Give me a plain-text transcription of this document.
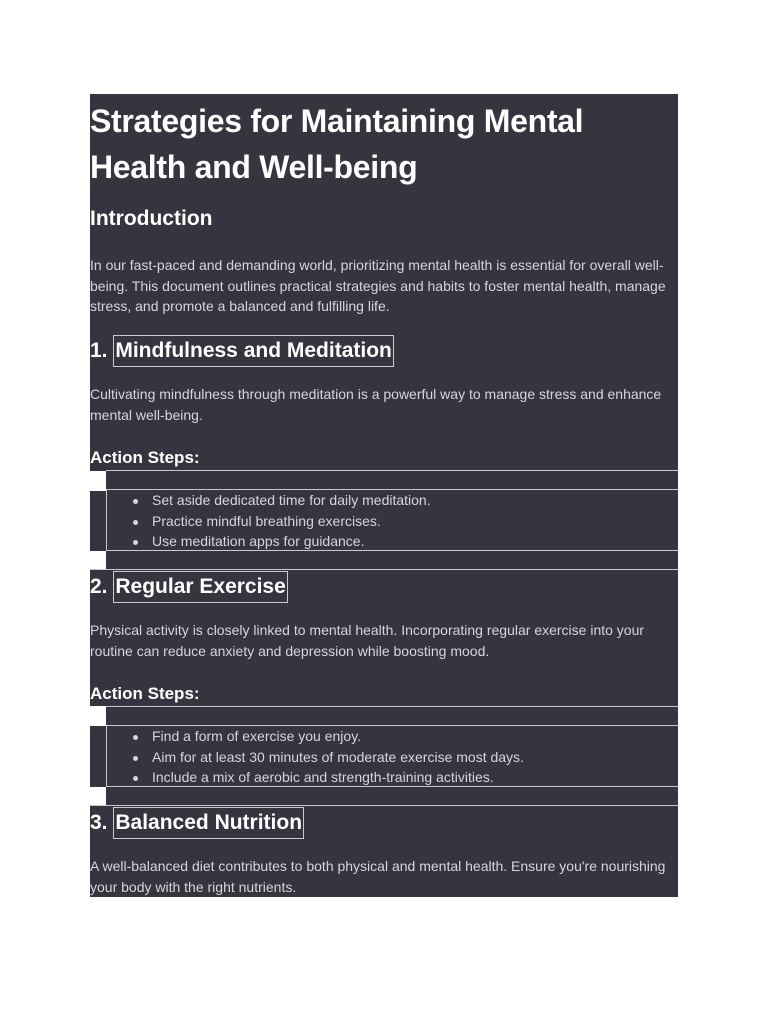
Strategies for Maintaining Mental Health and Well-being
Introduction

In our fast-paced and demanding world, prioritizing mental health is essential for overall well-being. This document outlines practical strategies and habits to foster mental health, manage stress, and promote a balanced and fulfilling life.

1. Mindfulness and Meditation

Cultivating mindfulness through meditation is a powerful way to manage stress and enhance mental well-being.

Action Steps:
Set aside dedicated time for daily meditation.
Practice mindful breathing exercises.
Use meditation apps for guidance.
2. Regular Exercise

Physical activity is closely linked to mental health. Incorporating regular exercise into your routine can reduce anxiety and depression while boosting mood.

Action Steps:
Find a form of exercise you enjoy.
Aim for at least 30 minutes of moderate exercise most days.
Include a mix of aerobic and strength-training activities.
3. Balanced Nutrition

A well-balanced diet contributes to both physical and mental health. Ensure you're nourishing your body with the right nutrients.
